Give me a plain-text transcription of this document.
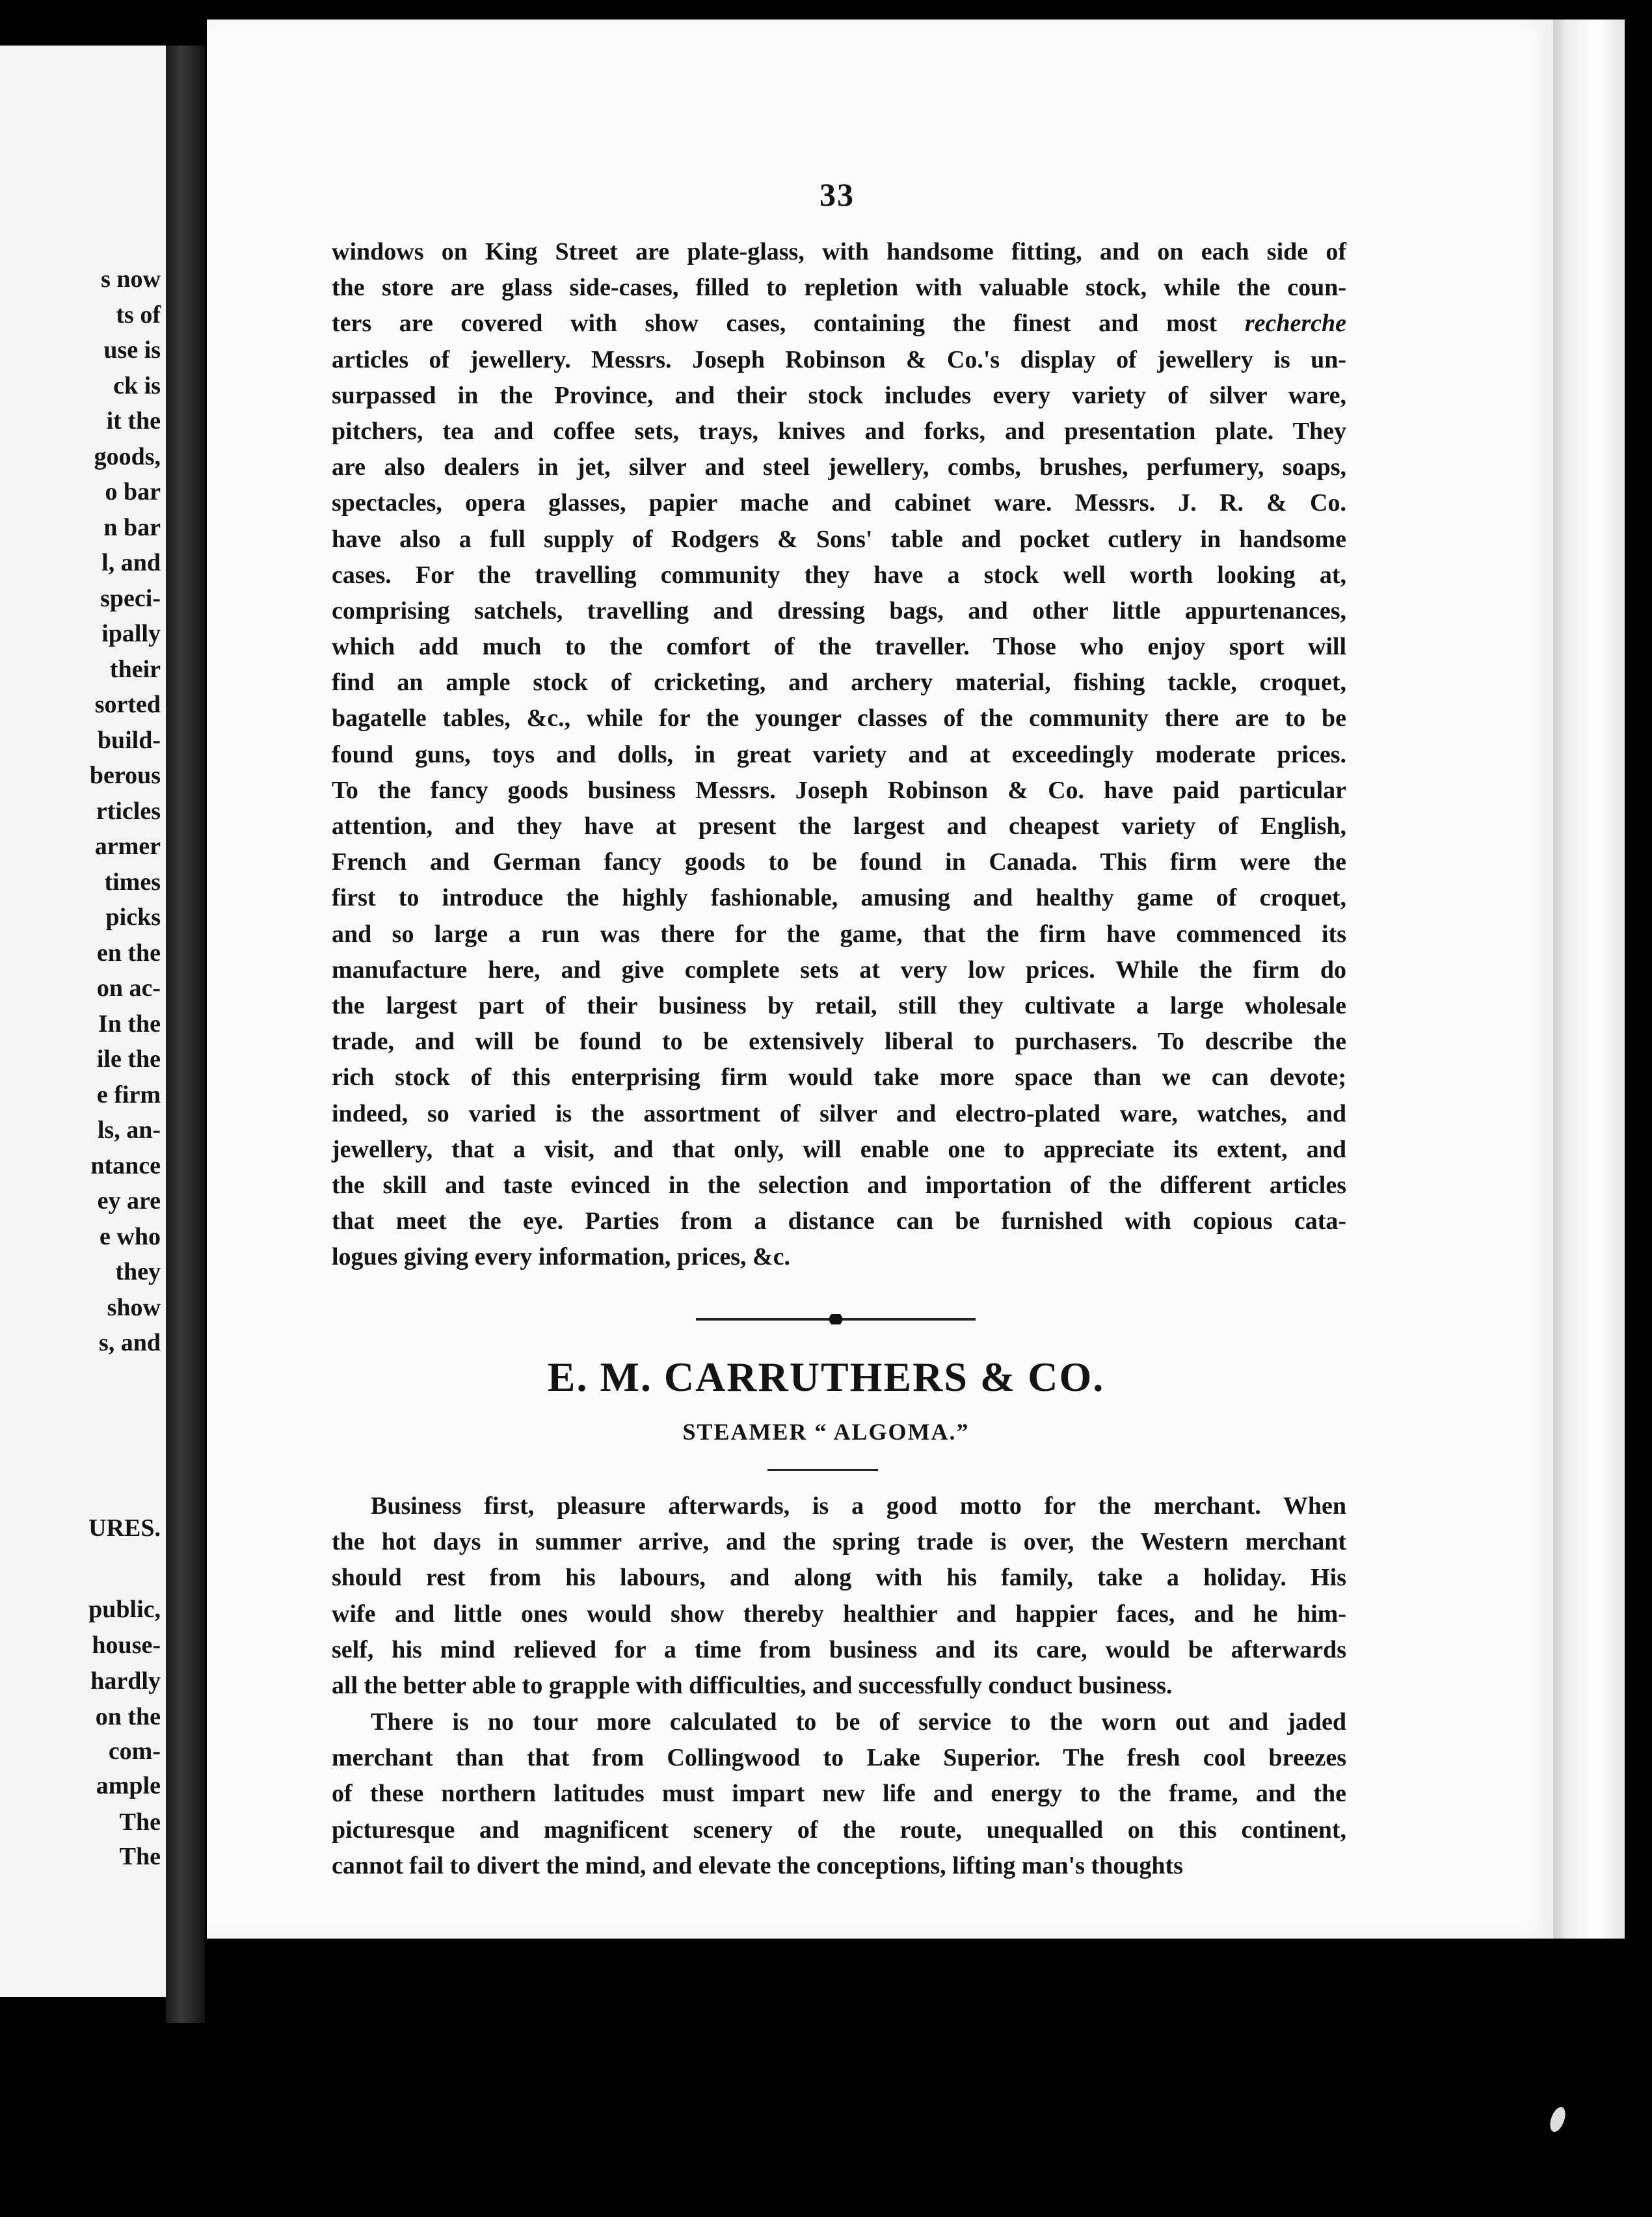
s now
ts of
use is
ck is
it the
goods,
o bar
n bar
l, and
speci-
ipally
their
sorted
build-
berous
rticles
armer
times
picks
en the
on ac-
In the
ile the
e firm
ls, an-
ntance
ey are
e who
they
show
s, and
URES.
public,
house-
hardly
on the
com-
ample
The
The
33
windows on King Street are plate-glass, with handsome fitting, and on each side of
the store are glass side-cases, filled to repletion with valuable stock, while the coun-
ters are covered with show cases, containing the finest and most recherche
articles of jewellery. Messrs. Joseph Robinson & Co.'s display of jewellery is un-
surpassed in the Province, and their stock includes every variety of silver ware,
pitchers, tea and coffee sets, trays, knives and forks, and presentation plate. They
are also dealers in jet, silver and steel jewellery, combs, brushes, perfumery, soaps,
spectacles, opera glasses, papier mache and cabinet ware. Messrs. J. R. & Co.
have also a full supply of Rodgers & Sons' table and pocket cutlery in handsome
cases. For the travelling community they have a stock well worth looking at,
comprising satchels, travelling and dressing bags, and other little appurtenances,
which add much to the comfort of the traveller. Those who enjoy sport will
find an ample stock of cricketing, and archery material, fishing tackle, croquet,
bagatelle tables, &c., while for the younger classes of the community there are to be
found guns, toys and dolls, in great variety and at exceedingly moderate prices.
To the fancy goods business Messrs. Joseph Robinson & Co. have paid particular
attention, and they have at present the largest and cheapest variety of English,
French and German fancy goods to be found in Canada. This firm were the
first to introduce the highly fashionable, amusing and healthy game of croquet,
and so large a run was there for the game, that the firm have commenced its
manufacture here, and give complete sets at very low prices. While the firm do
the largest part of their business by retail, still they cultivate a large wholesale
trade, and will be found to be extensively liberal to purchasers. To describe the
rich stock of this enterprising firm would take more space than we can devote;
indeed, so varied is the assortment of silver and electro-plated ware, watches, and
jewellery, that a visit, and that only, will enable one to appreciate its extent, and
the skill and taste evinced in the selection and importation of the different articles
that meet the eye. Parties from a distance can be furnished with copious cata-
logues giving every information, prices, &c.
E. M. CARRUTHERS & CO.
STEAMER “ ALGOMA.”
Business first, pleasure afterwards, is a good motto for the merchant. When
the hot days in summer arrive, and the spring trade is over, the Western merchant
should rest from his labours, and along with his family, take a holiday. His
wife and little ones would show thereby healthier and happier faces, and he him-
self, his mind relieved for a time from business and its care, would be afterwards
all the better able to grapple with difficulties, and successfully conduct business.
There is no tour more calculated to be of service to the worn out and jaded
merchant than that from Collingwood to Lake Superior. The fresh cool breezes
of these northern latitudes must impart new life and energy to the frame, and the
picturesque and magnificent scenery of the route, unequalled on this continent,
cannot fail to divert the mind, and elevate the conceptions, lifting man's thoughts
